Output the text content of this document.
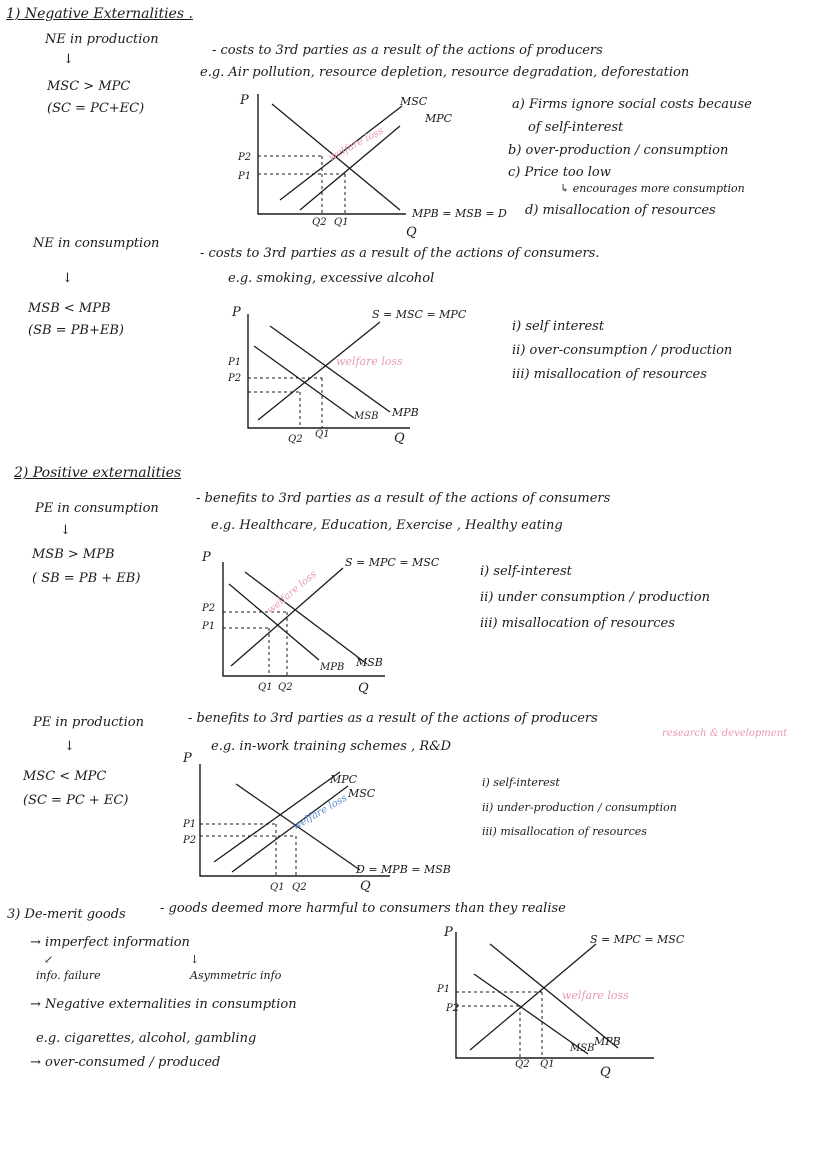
1) Negative Externalities .
NE in production
- costs to 3rd parties as a result of the actions of producers
e.g. Air pollution, resource depletion, resource degradation, deforestation
↓
MSC > MPC
(SC = PC+EC)	a) Firms ignore social costs because
of self-interest
b) over-production / consumption
c) Price too low
↳ encourages more consumption
d) misallocation of resources
P	MSC
MPC
P2
P1
welfare loss
MPB = MSB = D
Q2 Q1
Q
NE in consumption
- costs to 3rd parties as a result of the actions of consumers.
e.g. smoking, excessive alcohol
↓
MSB < MPB
(SB = PB+EB)	i) self interest
ii) over-consumption / production
iii) misallocation of resources
P	S = MSC = MPC
P1
P2
welfare loss
MSB MPB
Q2 Q1	Q
2) Positive externalities
PE in consumption
- benefits to 3rd parties as a result of the actions of consumers
e.g. Healthcare, Education, Exercise , Healthy eating
↓
MSB > MPB
( SB = PB + EB)	i) self-interest
ii) under consumption / production
iii) misallocation of resources
P	S = MPC = MSC
P2
P1
welfare loss
MPB MSB
Q1 Q2	Q
PE in production	- benefits to 3rd parties as a result of the actions of producers
e.g. in-work training schemes , R&D
research & development
↓
MSC < MPC
(SC = PC + EC)
i) self-interest
ii) under-production / consumption
iii) misallocation of resources
P
MPC
MSC
P1
P2
welfare loss
D = MPB = MSB
Q1 Q2	Q
3) De-merit goods	- goods deemed more harmful to consumers than they realise
→ imperfect information
↙	↓
info. failure	Asymmetric info
→ Negative externalities in consumption
e.g. cigarettes, alcohol, gambling
→ over-consumed / produced
P	S = MPC = MSC
P1
P2
welfare loss
MSB
MPB
Q2 Q1
Q
